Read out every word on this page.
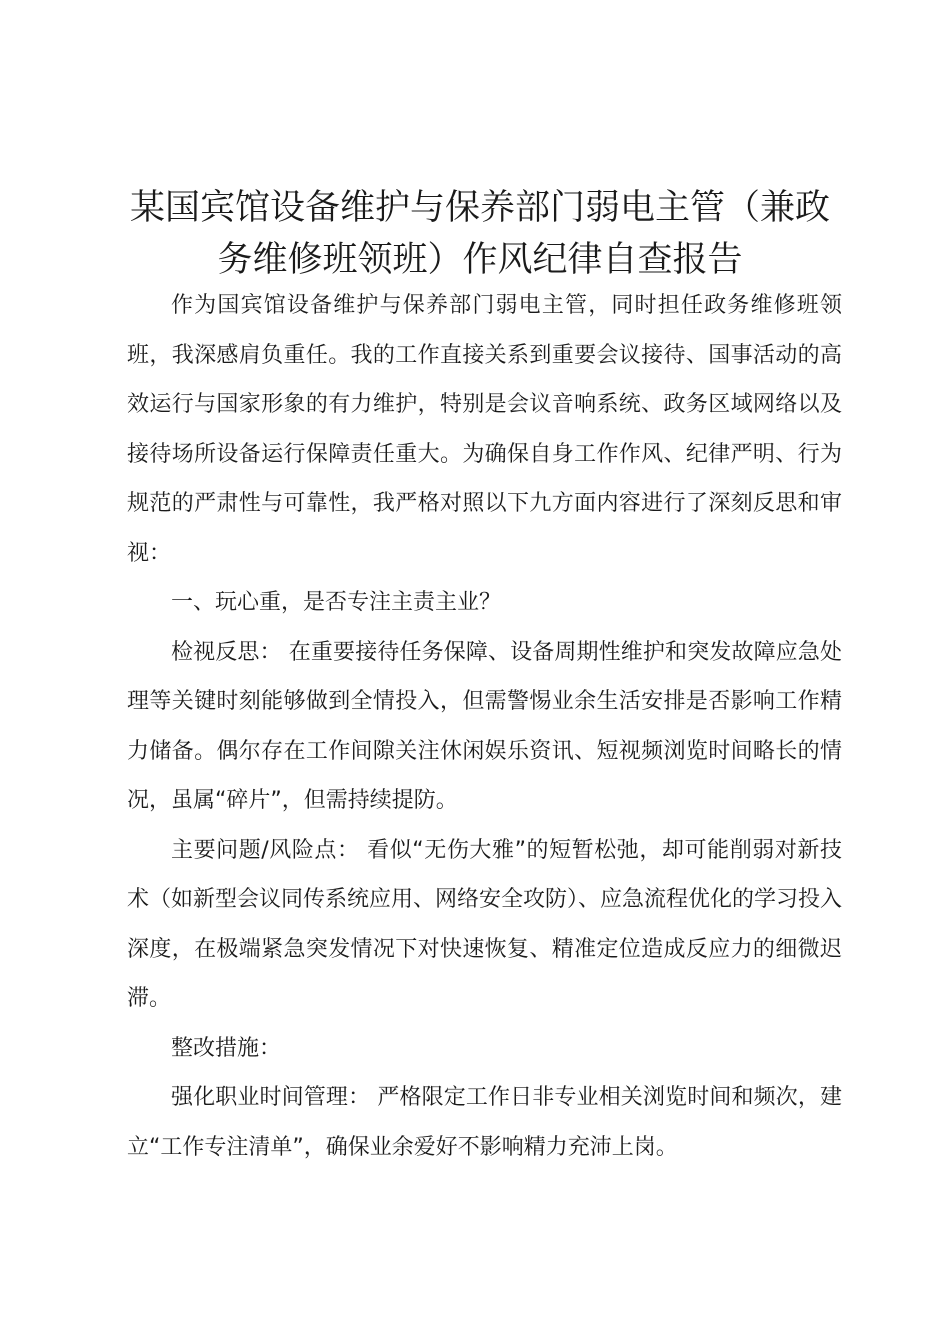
某国宾馆设备维护与保养部门弱电主管（兼政
务维修班领班）作风纪律自查报告

作为国宾馆设备维护与保养部门弱电主管，同时担任政务维修班领班，我深感肩负重任。我的工作直接关系到重要会议接待、国事活动的高效运行与国家形象的有力维护，特别是会议音响系统、政务区域网络以及接待场所设备运行保障责任重大。为确保自身工作作风、纪律严明、行为规范的严肃性与可靠性，我严格对照以下九方面内容进行了深刻反思和审视：

一、玩心重，是否专注主责主业？

检视反思： 在重要接待任务保障、设备周期性维护和突发故障应急处理等关键时刻能够做到全情投入，但需警惕业余生活安排是否影响工作精力储备。偶尔存在工作间隙关注休闲娱乐资讯、短视频浏览时间略长的情况，虽属“碎片”，但需持续提防。

主要问题/风险点： 看似“无伤大雅”的短暂松弛，却可能削弱对新技术（如新型会议同传系统应用、网络安全攻防）、应急流程优化的学习投入深度，在极端紧急突发情况下对快速恢复、精准定位造成反应力的细微迟滞。

整改措施：

强化职业时间管理： 严格限定工作日非专业相关浏览时间和频次，建立“工作专注清单”，确保业余爱好不影响精力充沛上岗。
